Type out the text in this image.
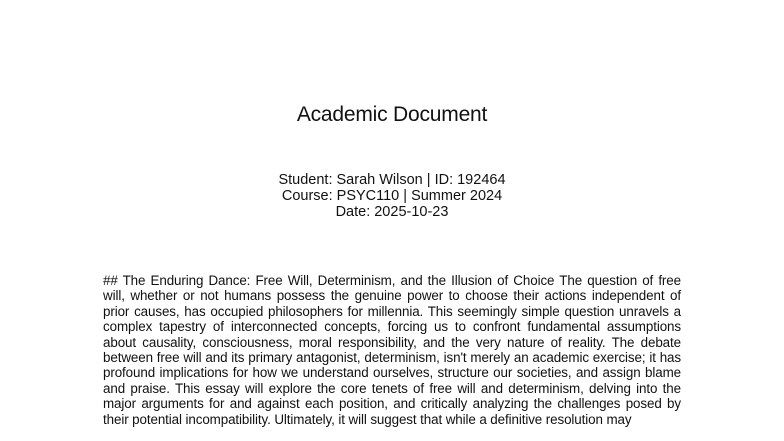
Academic Document
Student: Sarah Wilson | ID: 192464
Course: PSYC110 | Summer 2024
Date: 2025-10-23
## The Enduring Dance: Free Will, Determinism, and the Illusion of Choice The question of free will, whether or not humans possess the genuine power to choose their actions independent of prior causes, has occupied philosophers for millennia. This seemingly simple question unravels a complex tapestry of interconnected concepts, forcing us to confront fundamental assumptions about causality, consciousness, moral responsibility, and the very nature of reality. The debate between free will and its primary antagonist, determinism, isn't merely an academic exercise; it has profound implications for how we understand ourselves, structure our societies, and assign blame and praise. This essay will explore the core tenets of free will and determinism, delving into the major arguments for and against each position, and critically analyzing the challenges posed by their potential incompatibility. Ultimately, it will suggest that while a definitive resolution may
